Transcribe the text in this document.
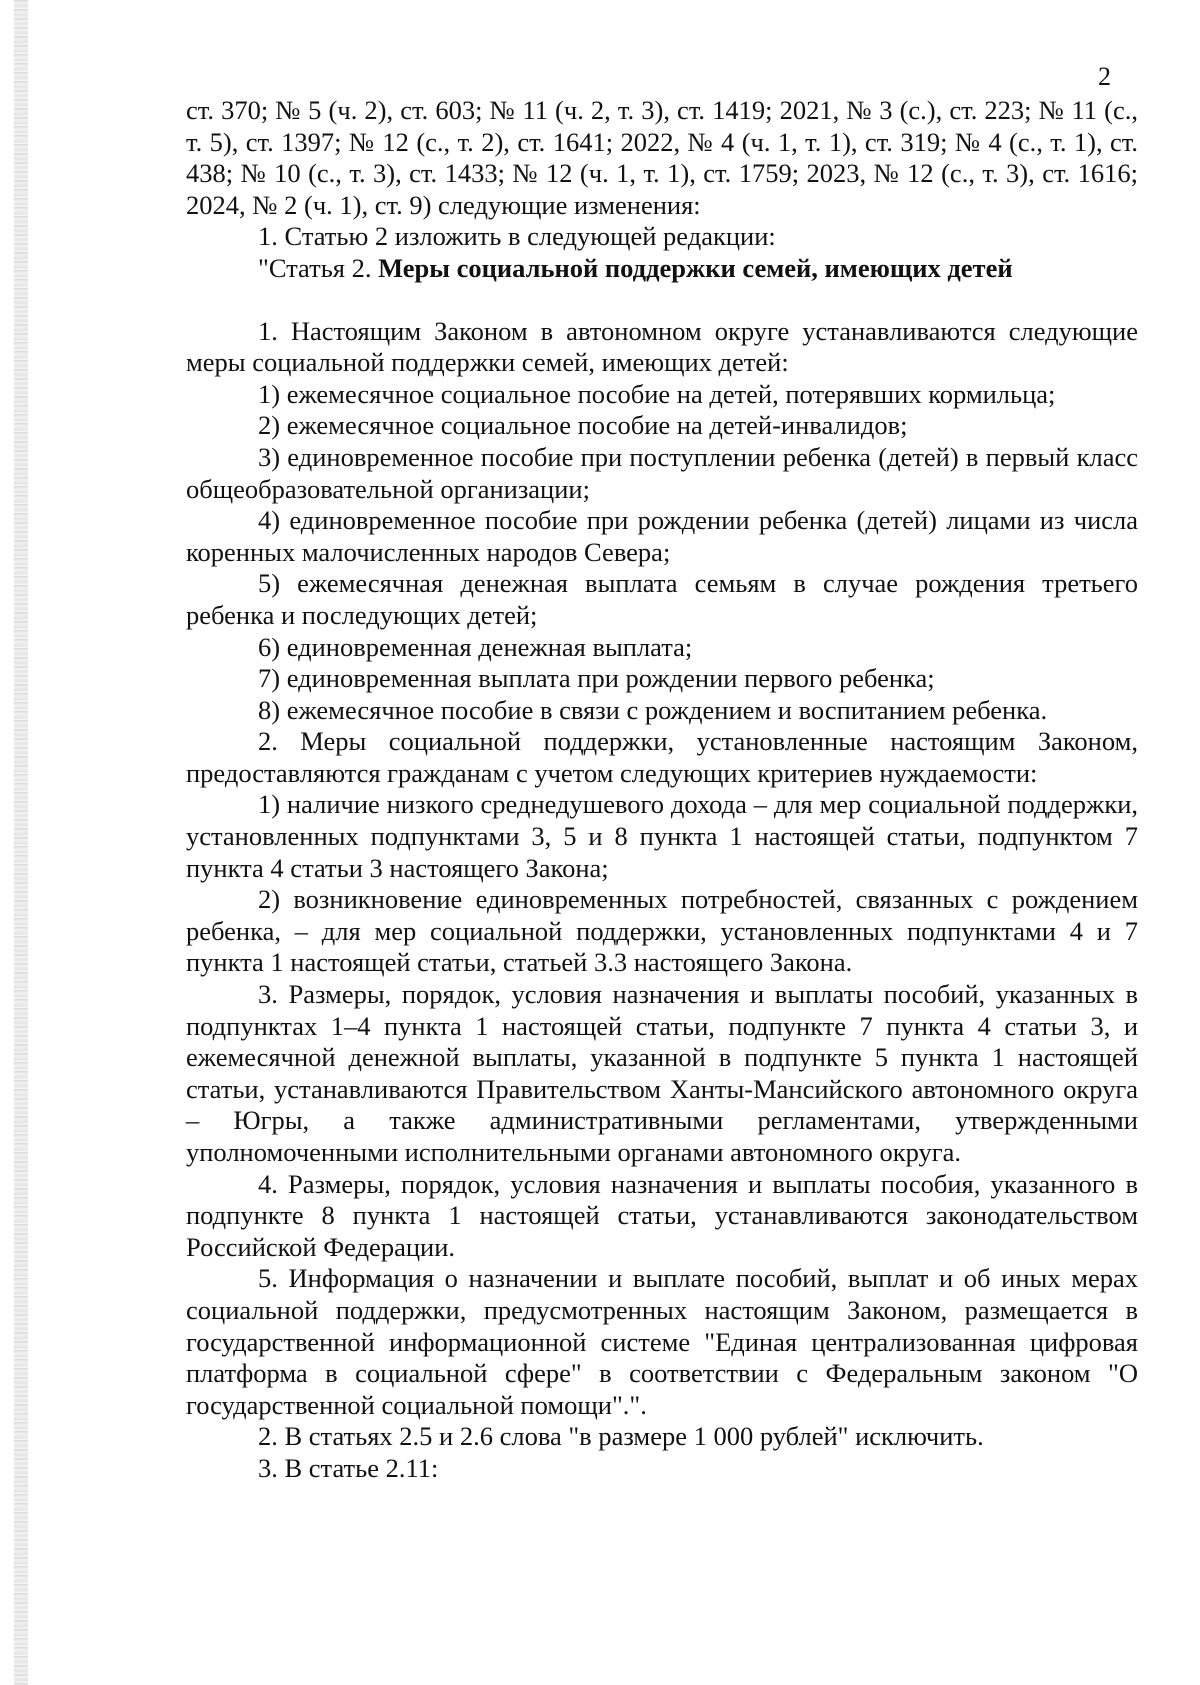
2

ст. 370; № 5 (ч. 2), ст. 603; № 11 (ч. 2, т. 3), ст. 1419; 2021, № 3 (с.), ст. 223; № 11 (с., т. 5), ст. 1397; № 12 (с., т. 2), ст. 1641; 2022, № 4 (ч. 1, т. 1), ст. 319; № 4 (с., т. 1), ст. 438; № 10 (с., т. 3), ст. 1433; № 12 (ч. 1, т. 1), ст. 1759; 2023, № 12 (с., т. 3), ст. 1616; 2024, № 2 (ч. 1), ст. 9) следующие изменения:

1. Статью 2 изложить в следующей редакции:

"Статья 2. Меры социальной поддержки семей, имеющих детей

1. Настоящим Законом в автономном округе устанавливаются следующие меры социальной поддержки семей, имеющих детей:

1) ежемесячное социальное пособие на детей, потерявших кормильца;

2) ежемесячное социальное пособие на детей-инвалидов;

3) единовременное пособие при поступлении ребенка (детей) в первый класс общеобразовательной организации;

4) единовременное пособие при рождении ребенка (детей) лицами из числа коренных малочисленных народов Севера;

5) ежемесячная денежная выплата семьям в случае рождения третьего ребенка и последующих детей;

6) единовременная денежная выплата;

7) единовременная выплата при рождении первого ребенка;

8) ежемесячное пособие в связи с рождением и воспитанием ребенка.

2. Меры социальной поддержки, установленные настоящим Законом, предоставляются гражданам с учетом следующих критериев нуждаемости:

1) наличие низкого среднедушевого дохода – для мер социальной поддержки, установленных подпунктами 3, 5 и 8 пункта 1 настоящей статьи, подпунктом 7 пункта 4 статьи 3 настоящего Закона;

2) возникновение единовременных потребностей, связанных с рождением ребенка, – для мер социальной поддержки, установленных подпунктами 4 и 7 пункта 1 настоящей статьи, статьей 3.3 настоящего Закона.

3. Размеры, порядок, условия назначения и выплаты пособий, указанных в подпунктах 1–4 пункта 1 настоящей статьи, подпункте 7 пункта 4 статьи 3, и ежемесячной денежной выплаты, указанной в подпункте 5 пункта 1 настоящей статьи, устанавливаются Правительством Ханты-Мансийского автономного округа – Югры, а также административными регламентами, утвержденными уполномоченными исполнительными органами автономного округа.

4. Размеры, порядок, условия назначения и выплаты пособия, указанного в подпункте 8 пункта 1 настоящей статьи, устанавливаются законодательством Российской Федерации.

5. Информация о назначении и выплате пособий, выплат и об иных мерах социальной поддержки, предусмотренных настоящим Законом, размещается в государственной информационной системе "Единая централизованная цифровая платформа в социальной сфере" в соответствии с Федеральным законом "О государственной социальной помощи".".

2. В статьях 2.5 и 2.6 слова "в размере 1 000 рублей" исключить.

3. В статье 2.11:
